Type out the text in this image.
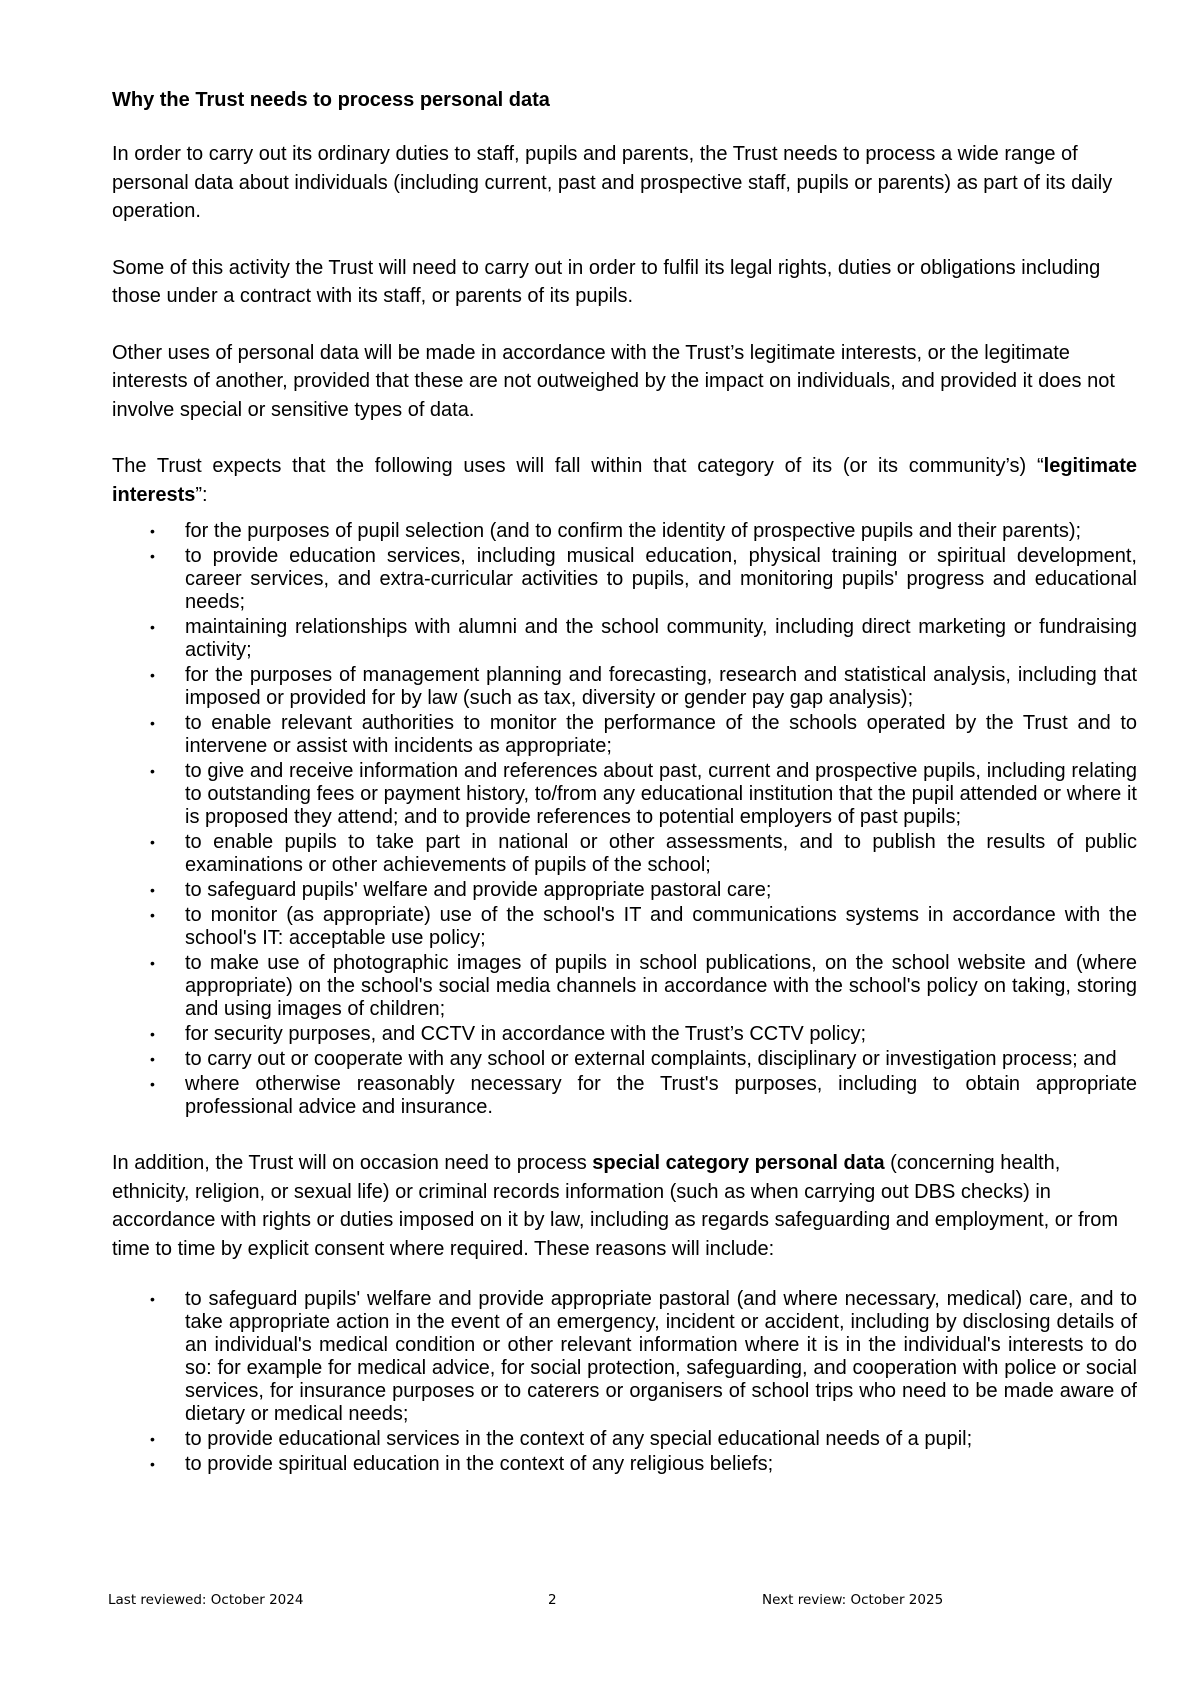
Why the Trust needs to process personal data

In order to carry out its ordinary duties to staff, pupils and parents, the Trust needs to process a wide range of personal data about individuals (including current, past and prospective staff, pupils or parents) as part of its daily operation.

Some of this activity the Trust will need to carry out in order to fulfil its legal rights, duties or obligations including those under a contract with its staff, or parents of its pupils.

Other uses of personal data will be made in accordance with the Trust’s legitimate interests, or the legitimate interests of another, provided that these are not outweighed by the impact on individuals, and provided it does not involve special or sensitive types of data.

The Trust expects that the following uses will fall within that category of its (or its community’s) “legitimate interests”:

• for the purposes of pupil selection (and to confirm the identity of prospective pupils and their parents);
• to provide education services, including musical education, physical training or spiritual development, career services, and extra-curricular activities to pupils, and monitoring pupils' progress and educational needs;
• maintaining relationships with alumni and the school community, including direct marketing or fundraising activity;
• for the purposes of management planning and forecasting, research and statistical analysis, including that imposed or provided for by law (such as tax, diversity or gender pay gap analysis);
• to enable relevant authorities to monitor the performance of the schools operated by the Trust and to intervene or assist with incidents as appropriate;
• to give and receive information and references about past, current and prospective pupils, including relating to outstanding fees or payment history, to/from any educational institution that the pupil attended or where it is proposed they attend; and to provide references to potential employers of past pupils;
• to enable pupils to take part in national or other assessments, and to publish the results of public examinations or other achievements of pupils of the school;
• to safeguard pupils' welfare and provide appropriate pastoral care;
• to monitor (as appropriate) use of the school's IT and communications systems in accordance with the school's IT: acceptable use policy;
• to make use of photographic images of pupils in school publications, on the school website and (where appropriate) on the school's social media channels in accordance with the school's policy on taking, storing and using images of children;
• for security purposes, and CCTV in accordance with the Trust’s CCTV policy;
• to carry out or cooperate with any school or external complaints, disciplinary or investigation process; and
• where otherwise reasonably necessary for the Trust's purposes, including to obtain appropriate professional advice and insurance.

In addition, the Trust will on occasion need to process special category personal data (concerning health, ethnicity, religion, or sexual life) or criminal records information (such as when carrying out DBS checks) in accordance with rights or duties imposed on it by law, including as regards safeguarding and employment, or from time to time by explicit consent where required. These reasons will include:

• to safeguard pupils' welfare and provide appropriate pastoral (and where necessary, medical) care, and to take appropriate action in the event of an emergency, incident or accident, including by disclosing details of an individual's medical condition or other relevant information where it is in the individual's interests to do so: for example for medical advice, for social protection, safeguarding, and cooperation with police or social services, for insurance purposes or to caterers or organisers of school trips who need to be made aware of dietary or medical needs;
• to provide educational services in the context of any special educational needs of a pupil;
• to provide spiritual education in the context of any religious beliefs;
Last reviewed: October 2024	2	Next review: October 2025
